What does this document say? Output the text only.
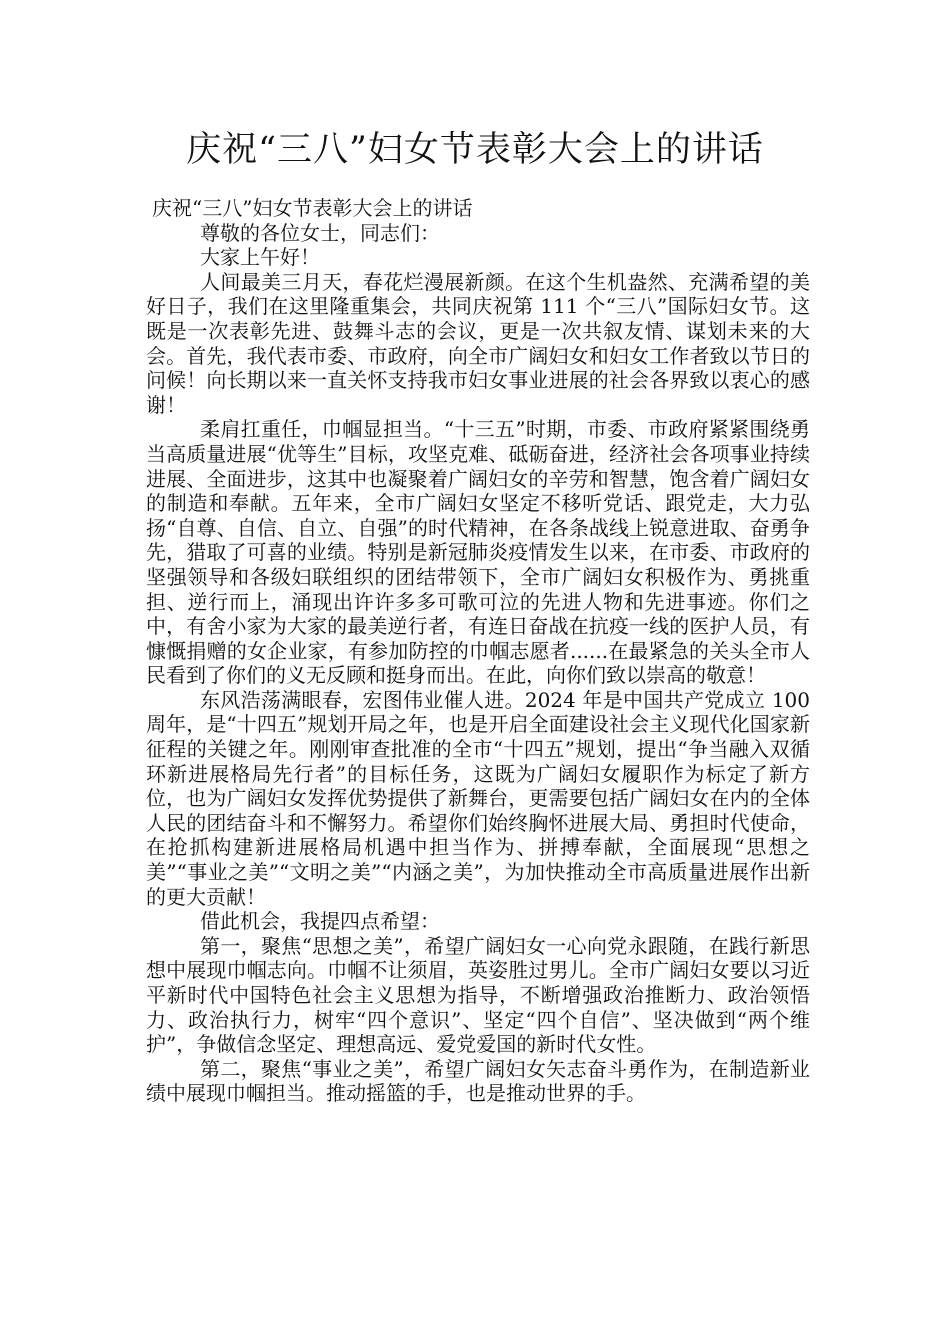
庆祝“三八”妇女节表彰大会上的讲话

庆祝“三八”妇女节表彰大会上的讲话

尊敬的各位女士，同志们：

大家上午好！

人间最美三月天，春花烂漫展新颜。在这个生机盎然、充满希望的美好日子，我们在这里隆重集会，共同庆祝第 111 个“三八”国际妇女节。这既是一次表彰先进、鼓舞斗志的会议，更是一次共叙友情、谋划未来的大会。首先，我代表市委、市政府，向全市广阔妇女和妇女工作者致以节日的问候！向长期以来一直关怀支持我市妇女事业进展的社会各界致以衷心的感谢！

柔肩扛重任，巾帼显担当。“十三五”时期，市委、市政府紧紧围绕勇当高质量进展“优等生”目标，攻坚克难、砥砺奋进，经济社会各项事业持续进展、全面进步，这其中也凝聚着广阔妇女的辛劳和智慧，饱含着广阔妇女的制造和奉献。五年来，全市广阔妇女坚定不移听党话、跟党走，大力弘扬“自尊、自信、自立、自强”的时代精神，在各条战线上锐意进取、奋勇争先，猎取了可喜的业绩。特别是新冠肺炎疫情发生以来，在市委、市政府的坚强领导和各级妇联组织的团结带领下，全市广阔妇女积极作为、勇挑重担、逆行而上，涌现出许许多多可歌可泣的先进人物和先进事迹。你们之中，有舍小家为大家的最美逆行者，有连日奋战在抗疫一线的医护人员，有慷慨捐赠的女企业家，有参加防控的巾帼志愿者......在最紧急的关头全市人民看到了你们的义无反顾和挺身而出。在此，向你们致以崇高的敬意！

东风浩荡满眼春，宏图伟业催人进。2024 年是中国共产党成立 100 周年，是“十四五”规划开局之年，也是开启全面建设社会主义现代化国家新征程的关键之年。刚刚审查批准的全市“十四五”规划，提出“争当融入双循环新进展格局先行者”的目标任务，这既为广阔妇女履职作为标定了新方位，也为广阔妇女发挥优势提供了新舞台，更需要包括广阔妇女在内的全体人民的团结奋斗和不懈努力。希望你们始终胸怀进展大局、勇担时代使命，在抢抓构建新进展格局机遇中担当作为、拼搏奉献，全面展现“思想之美”“事业之美”“文明之美”“内涵之美”，为加快推动全市高质量进展作出新的更大贡献！

借此机会，我提四点希望：

第一，聚焦“思想之美”，希望广阔妇女一心向党永跟随，在践行新思想中展现巾帼志向。巾帼不让须眉，英姿胜过男儿。全市广阔妇女要以习近平新时代中国特色社会主义思想为指导，不断增强政治推断力、政治领悟力、政治执行力，树牢“四个意识”、坚定“四个自信”、坚决做到“两个维护”，争做信念坚定、理想高远、爱党爱国的新时代女性。

第二，聚焦“事业之美”，希望广阔妇女矢志奋斗勇作为，在制造新业绩中展现巾帼担当。推动摇篮的手，也是推动世界的手。
